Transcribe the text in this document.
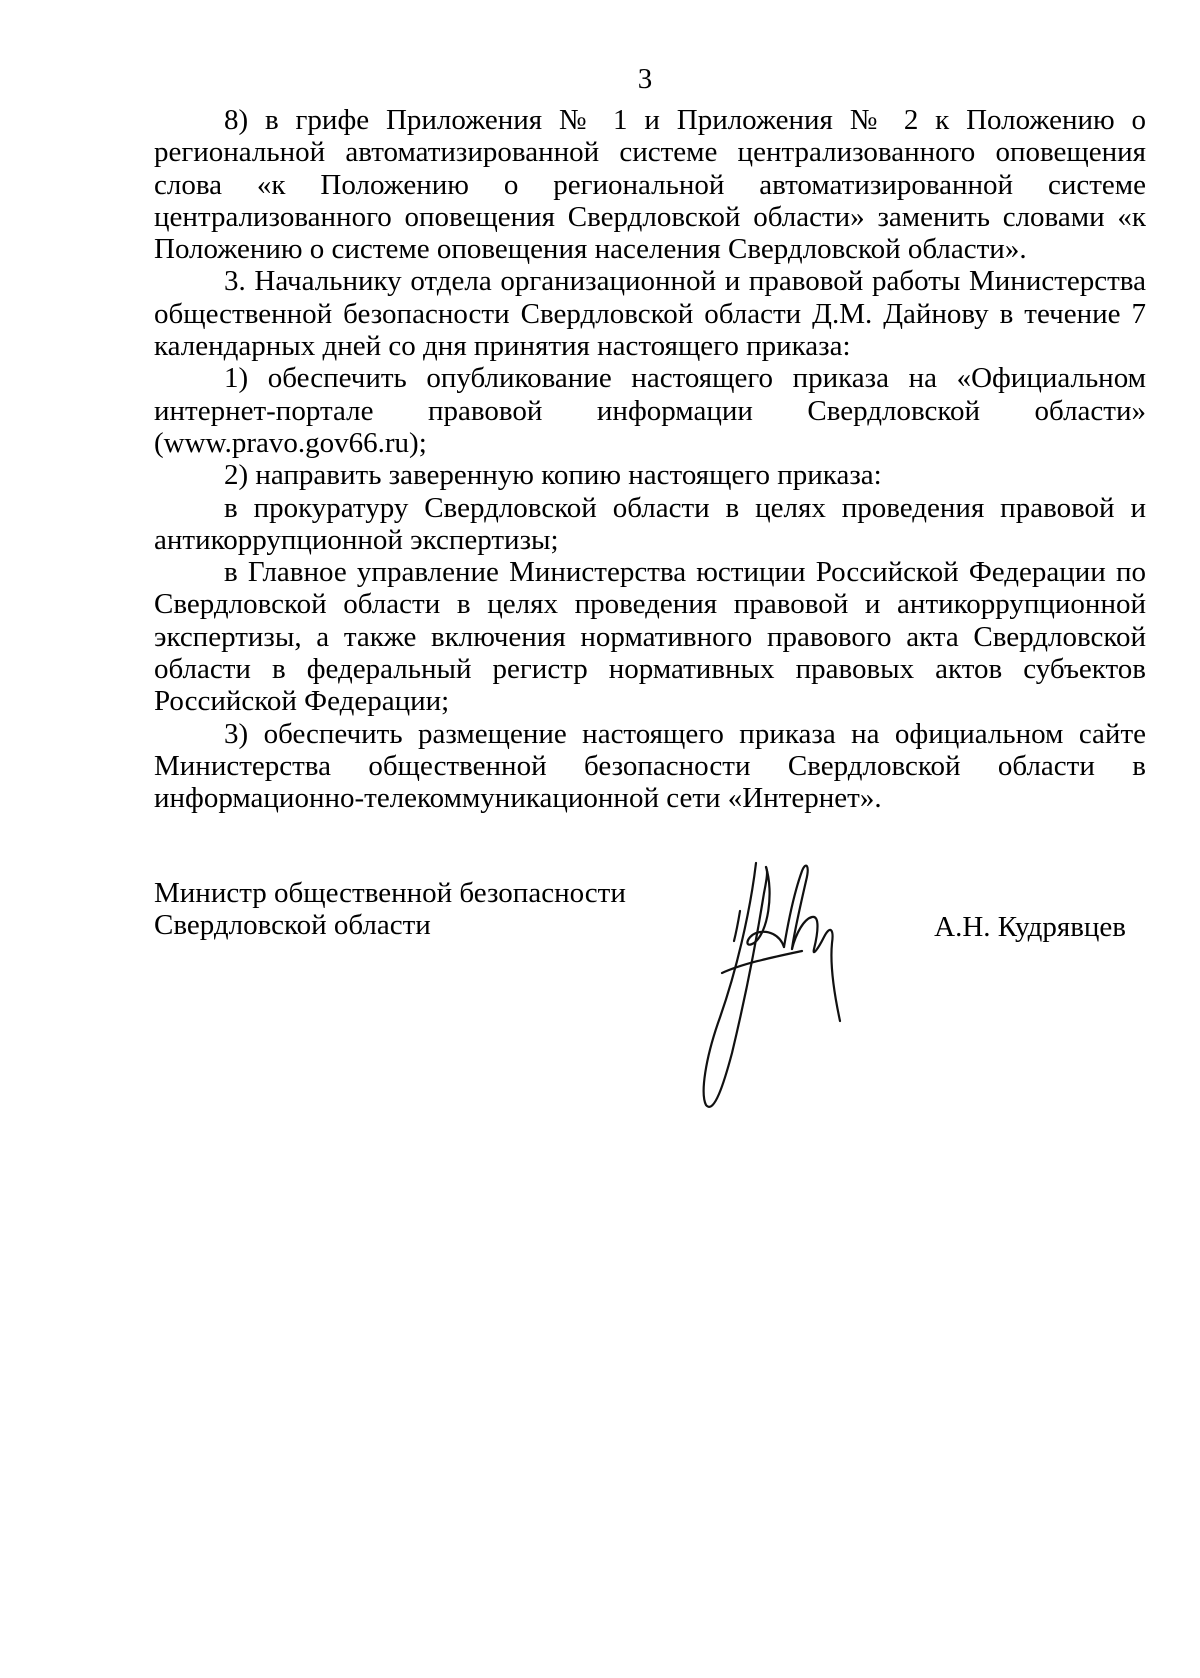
3

8) в грифе Приложения № 1 и Приложения № 2 к Положению о региональной автоматизированной системе централизованного оповещения слова «к Положению о региональной автоматизированной системе централизованного оповещения Свердловской области» заменить словами «к Положению о системе оповещения населения Свердловской области».

3. Начальнику отдела организационной и правовой работы Министерства общественной безопасности Свердловской области Д.М. Дайнову в течение 7 календарных дней со дня принятия настоящего приказа:

1) обеспечить опубликование настоящего приказа на «Официальном интернет-портале правовой информации Свердловской области» (www.pravo.gov66.ru);

2) направить заверенную копию настоящего приказа:

в прокуратуру Свердловской области в целях проведения правовой и антикоррупционной экспертизы;

в Главное управление Министерства юстиции Российской Федерации по Свердловской области в целях проведения правовой и антикоррупционной экспертизы, а также включения нормативного правового акта Свердловской области в федеральный регистр нормативных правовых актов субъектов Российской Федерации;

3) обеспечить размещение настоящего приказа на официальном сайте Министерства общественной безопасности Свердловской области в информационно-телекоммуникационной сети «Интернет».

Министр общественной безопасности
Свердловской области	А.Н. Кудрявцев
